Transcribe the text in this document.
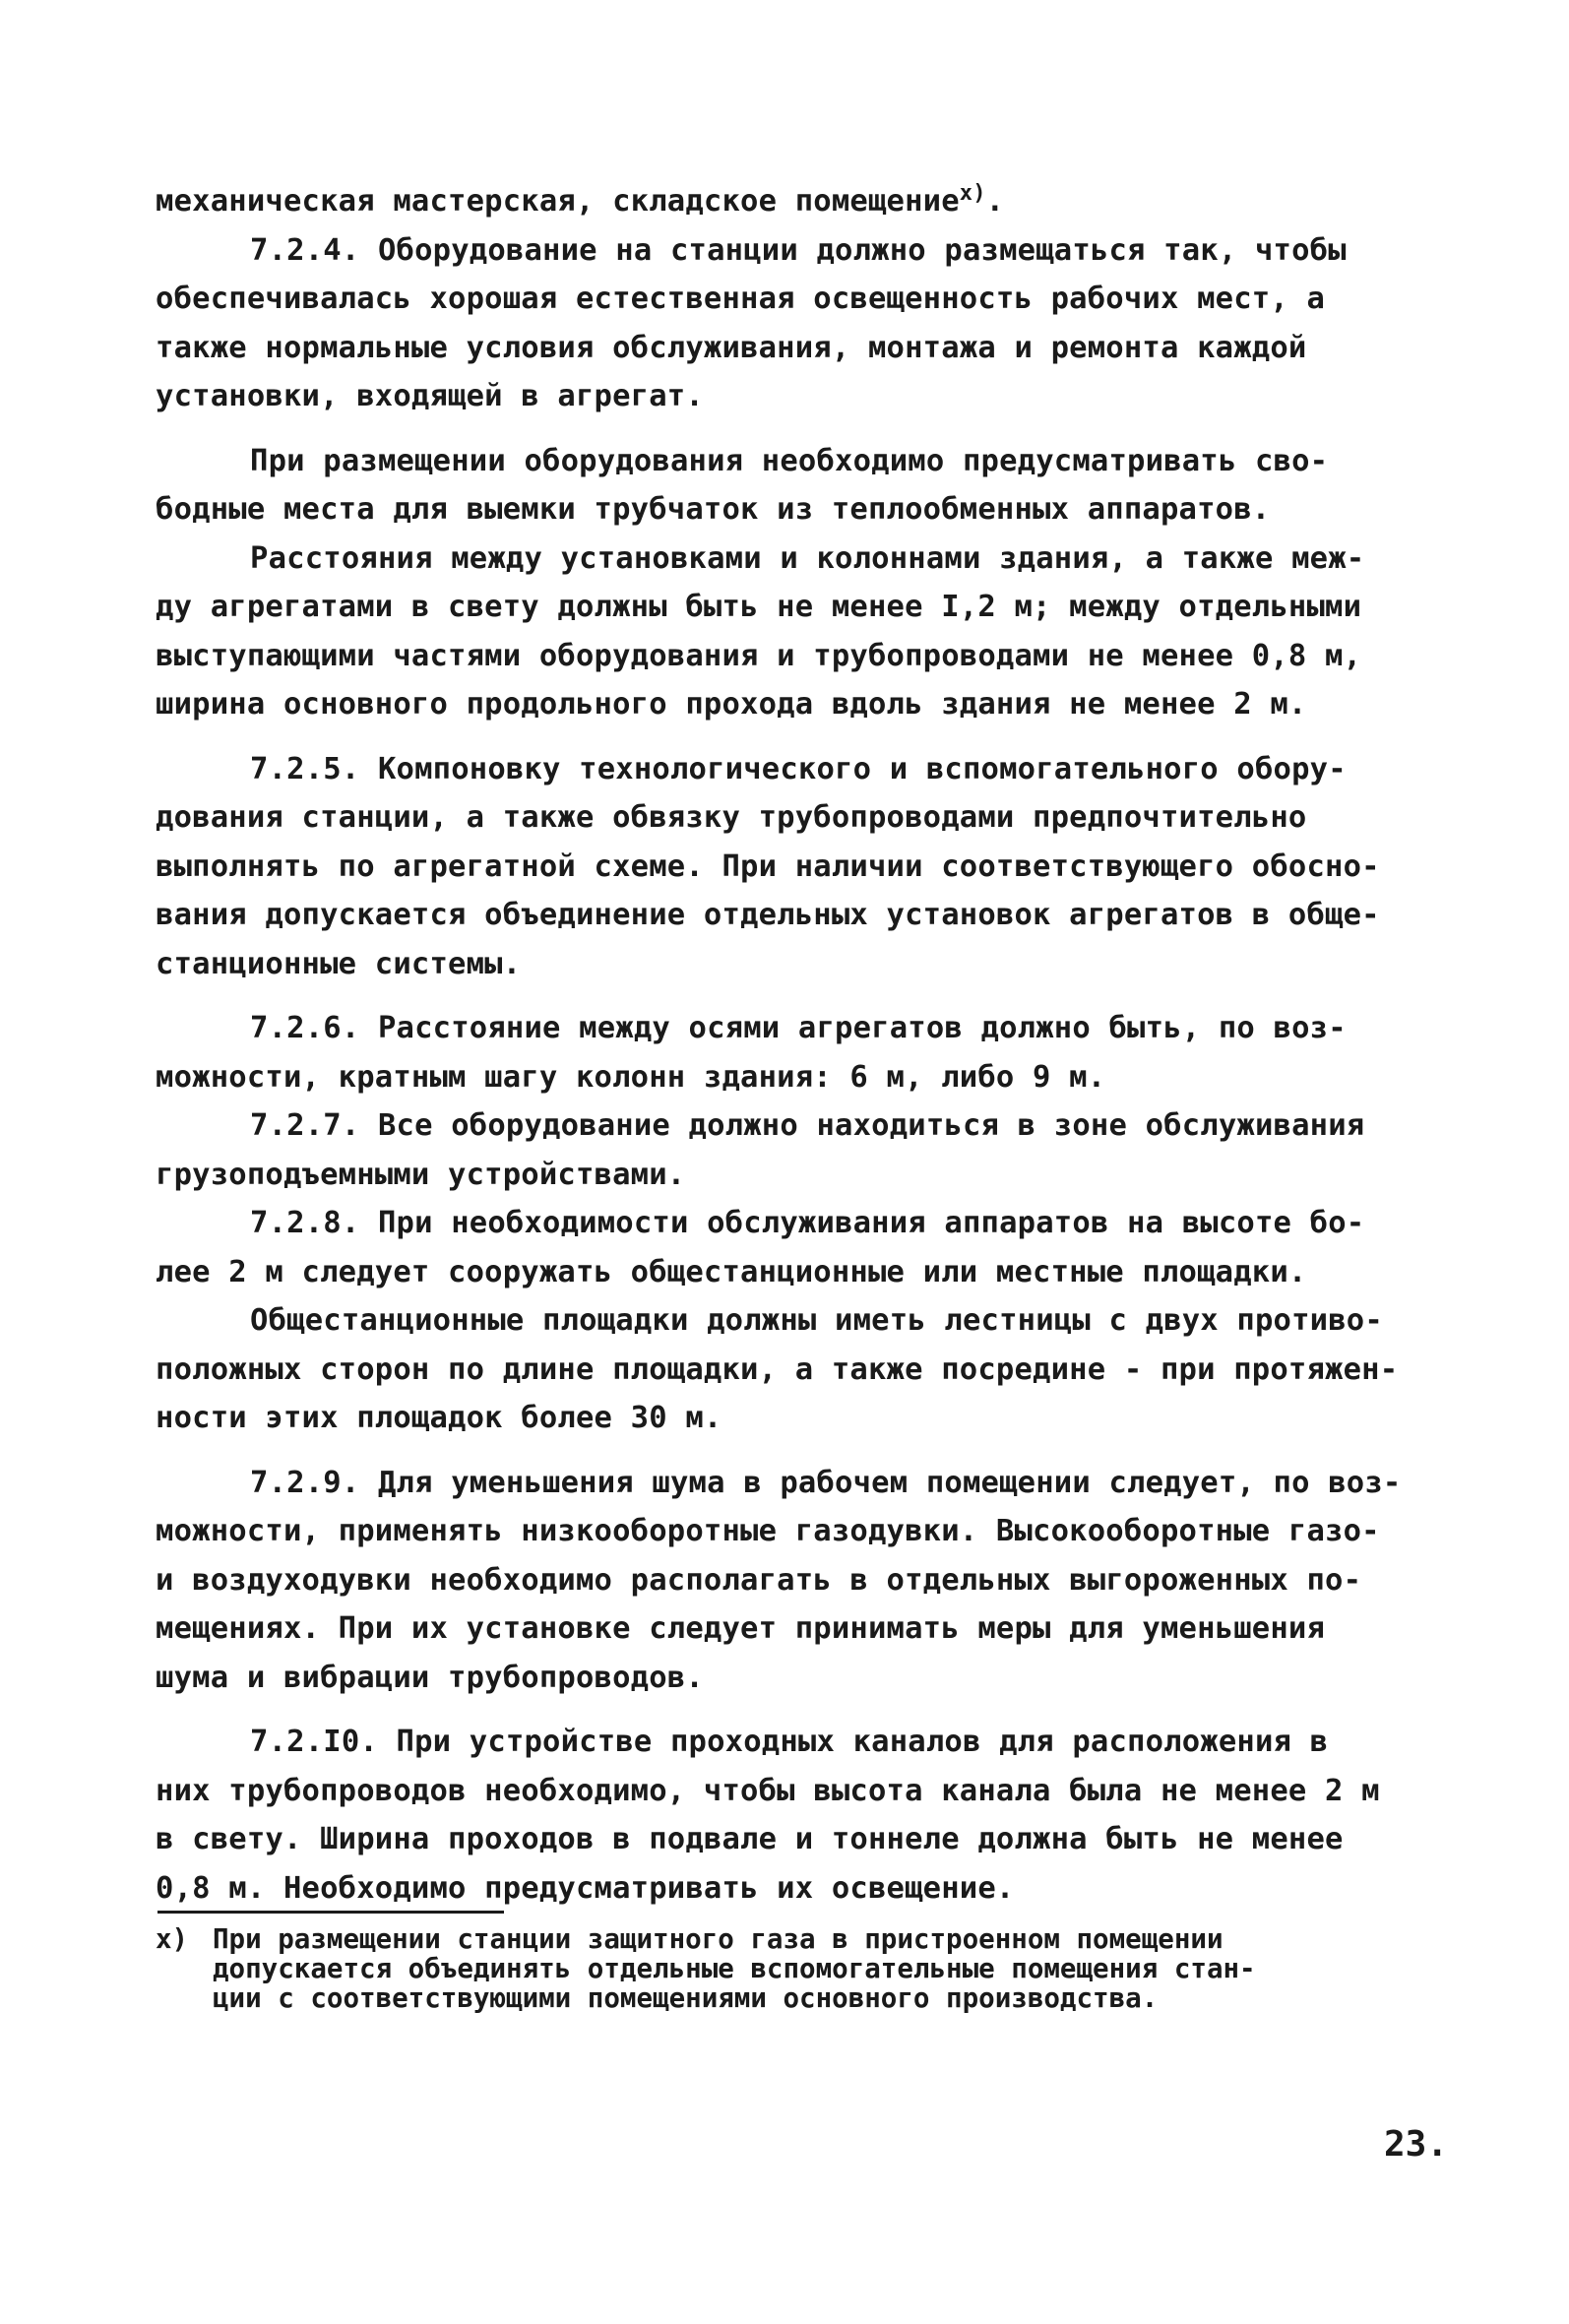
механическая мастерская, складское помещение$^{x)}$.

7.2.4. Оборудование на станции должно размещаться так, чтобы
обеспечивалась хорошая естественная освещенность рабочих мест, а
также нормальные условия обслуживания, монтажа и ремонта каждой
установки, входящей в агрегат.

При размещении оборудования необходимо предусматривать сво-
бодные места для выемки трубчаток из теплообменных аппаратов.

Расстояния между установками и колоннами здания, а также меж-
ду агрегатами в свету должны быть не менее I,2 м; между отдельными
выступающими частями оборудования и трубопроводами не менее 0,8 м,
ширина основного продольного прохода вдоль здания не менее 2 м.

7.2.5. Компоновку технологического и вспомогательного обору-
дования станции, а также обвязку трубопроводами предпочтительно
выполнять по агрегатной схеме. При наличии соответствующего обосно-
вания допускается объединение отдельных установок агрегатов в обще-
станционные системы.

7.2.6. Расстояние между осями агрегатов должно быть, по воз-
можности, кратным шагу колонн здания: 6 м, либо 9 м.

7.2.7. Все оборудование должно находиться в зоне обслуживания
грузоподъемными устройствами.

7.2.8. При необходимости обслуживания аппаратов на высоте бо-
лее 2 м следует сооружать общестанционные или местные площадки.

Общестанционные площадки должны иметь лестницы с двух противо-
положных сторон по длине площадки, а также посредине - при протяжен-
ности этих площадок более 30 м.

7.2.9. Для уменьшения шума в рабочем помещении следует, по воз-
можности, применять низкооборотные газодувки. Высокооборотные газо-
и воздуходувки необходимо располагать в отдельных выгороженных по-
мещениях. При их установке следует принимать меры для уменьшения
шума и вибрации трубопроводов.

7.2.I0. При устройстве проходных каналов для расположения в
них трубопроводов необходимо, чтобы высота канала была не менее 2 м
в свету. Ширина проходов в подвале и тоннеле должна быть не менее
0,8 м. Необходимо предусматривать их освещение.

x) При размещении станции защитного газа в пристроенном помещении
допускается объединять отдельные вспомогательные помещения стан-
ции с соответствующими помещениями основного производства.
23.
